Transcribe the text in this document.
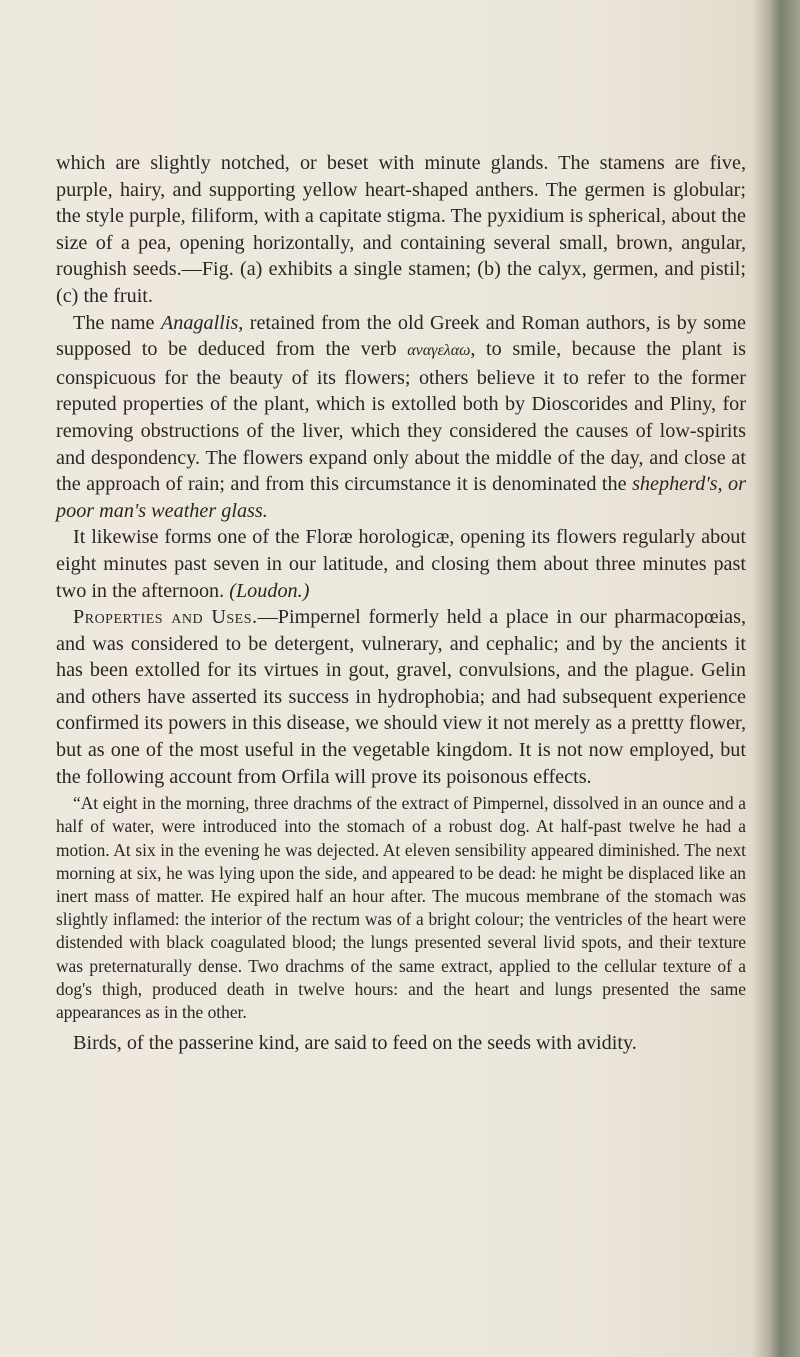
which are slightly notched, or beset with minute glands. The stamens are five, purple, hairy, and supporting yellow heart-shaped anthers. The germen is globular; the style purple, filiform, with a capitate stigma. The pyxidium is spherical, about the size of a pea, opening horizontally, and containing several small, brown, angular, roughish seeds.—Fig. (a) exhibits a single stamen; (b) the calyx, germen, and pistil; (c) the fruit.

The name Anagallis, retained from the old Greek and Roman authors, is by some supposed to be deduced from the verb αναγελαω, to smile, because the plant is conspicuous for the beauty of its flowers; others believe it to refer to the former reputed properties of the plant, which is extolled both by Dioscorides and Pliny, for removing obstructions of the liver, which they considered the causes of low-spirits and despondency. The flowers expand only about the middle of the day, and close at the approach of rain; and from this circumstance it is denominated the shepherd's, or poor man's weather glass.

It likewise forms one of the Floræ horologicæ, opening its flowers regularly about eight minutes past seven in our latitude, and closing them about three minutes past two in the afternoon. (Loudon.)

Properties and Uses.—Pimpernel formerly held a place in our pharmacopœias, and was considered to be detergent, vulnerary, and cephalic; and by the ancients it has been extolled for its virtues in gout, gravel, convulsions, and the plague. Gelin and others have asserted its success in hydrophobia; and had subsequent experience confirmed its powers in this disease, we should view it not merely as a prettty flower, but as one of the most useful in the vegetable kingdom. It is not now employed, but the following account from Orfila will prove its poisonous effects.

“At eight in the morning, three drachms of the extract of Pimpernel, dissolved in an ounce and a half of water, were introduced into the stomach of a robust dog. At half-past twelve he had a motion. At six in the evening he was dejected. At eleven sensibility appeared diminished. The next morning at six, he was lying upon the side, and appeared to be dead: he might be displaced like an inert mass of matter. He expired half an hour after. The mucous membrane of the stomach was slightly inflamed: the interior of the rectum was of a bright colour; the ventricles of the heart were distended with black coagulated blood; the lungs presented several livid spots, and their texture was preternaturally dense. Two drachms of the same extract, applied to the cellular texture of a dog's thigh, produced death in twelve hours: and the heart and lungs presented the same appearances as in the other.

Birds, of the passerine kind, are said to feed on the seeds with avidity.
